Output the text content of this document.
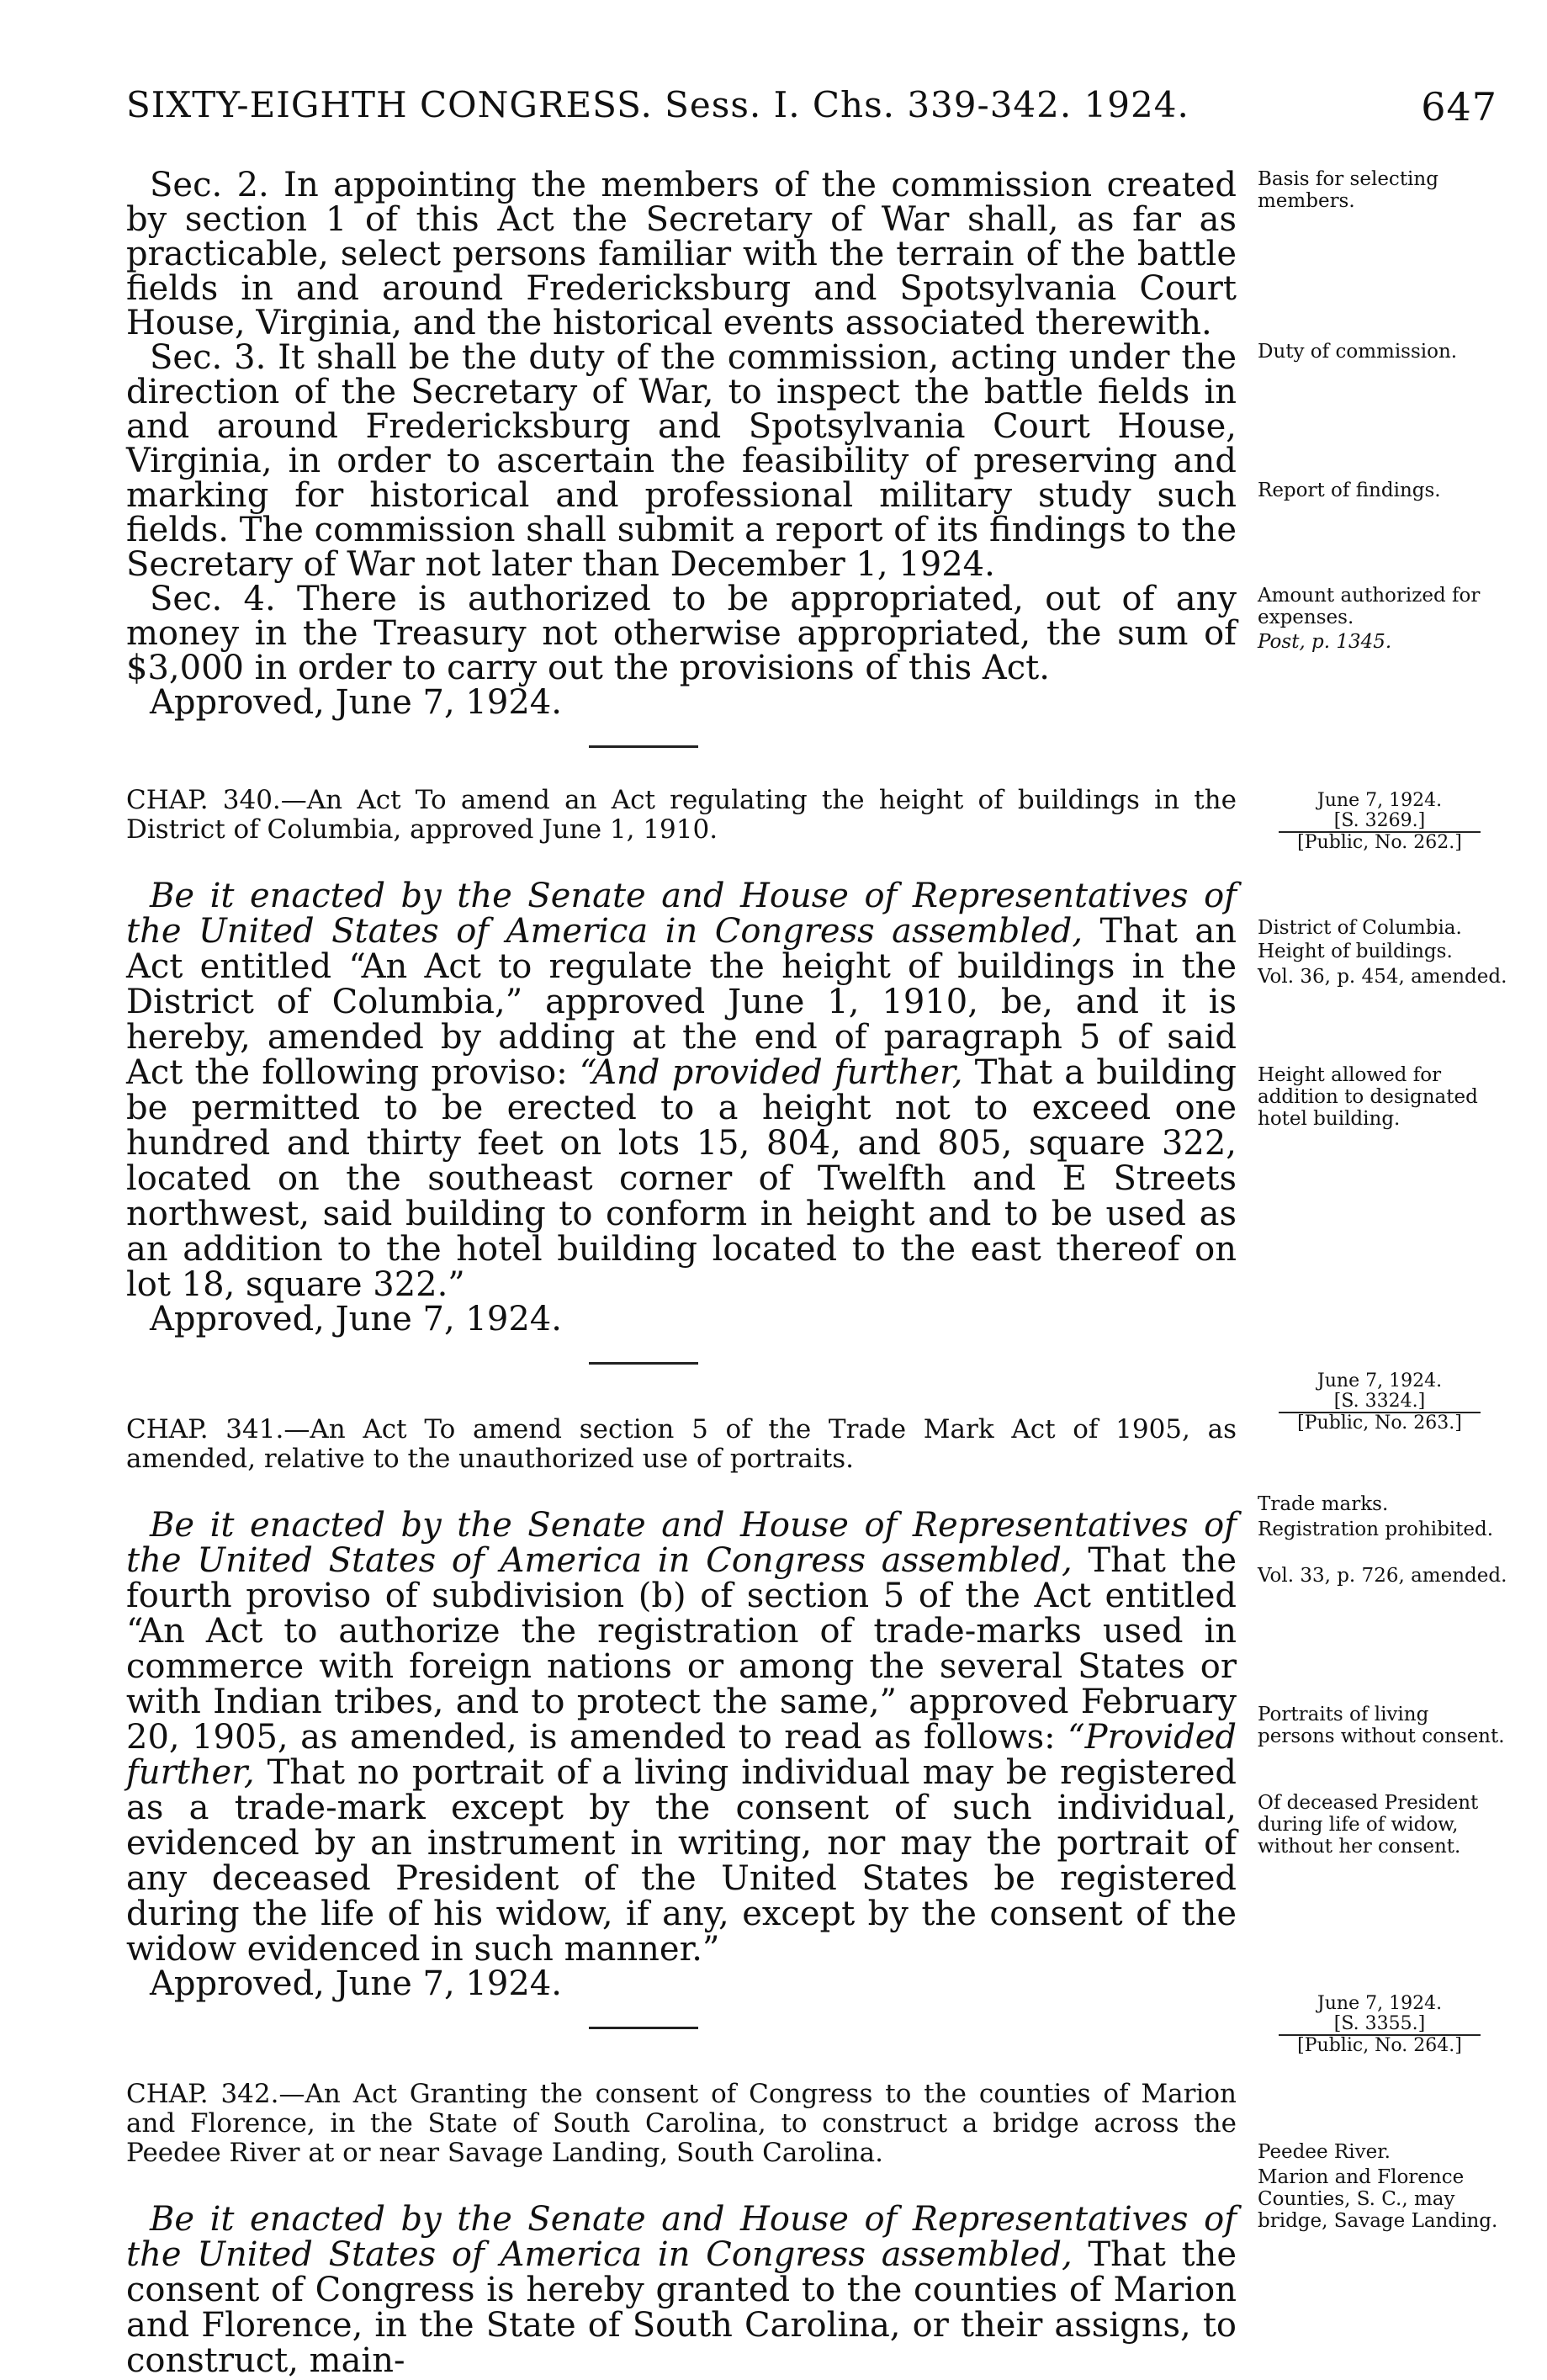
SIXTY-EIGHTH CONGRESS. Sess. I. Chs. 339-342. 1924.	647

Sec. 2. In appointing the members of the commission created by section 1 of this Act the Secretary of War shall, as far as practicable, select persons familiar with the terrain of the battle fields in and around Fredericksburg and Spotsylvania Court House, Virginia, and the historical events associated therewith.

Sec. 3. It shall be the duty of the commission, acting under the direction of the Secretary of War, to inspect the battle fields in and around Fredericksburg and Spotsylvania Court House, Virginia, in order to ascertain the feasibility of preserving and marking for historical and professional military study such fields. The commission shall submit a report of its findings to the Secretary of War not later than December 1, 1924.

Sec. 4. There is authorized to be appropriated, out of any money in the Treasury not otherwise appropriated, the sum of $3,000 in order to carry out the provisions of this Act.

Approved, June 7, 1924.

CHAP. 340.—An Act To amend an Act regulating the height of buildings in the District of Columbia, approved June 1, 1910.

Be it enacted by the Senate and House of Representatives of the United States of America in Congress assembled, That an Act entitled “An Act to regulate the height of buildings in the District of Columbia,” approved June 1, 1910, be, and it is hereby, amended by adding at the end of paragraph 5 of said Act the following proviso: “And provided further, That a building be permitted to be erected to a height not to exceed one hundred and thirty feet on lots 15, 804, and 805, square 322, located on the southeast corner of Twelfth and E Streets northwest, said building to conform in height and to be used as an addition to the hotel building located to the east thereof on lot 18, square 322.”

Approved, June 7, 1924.

CHAP. 341.—An Act To amend section 5 of the Trade Mark Act of 1905, as amended, relative to the unauthorized use of portraits.

Be it enacted by the Senate and House of Representatives of the United States of America in Congress assembled, That the fourth proviso of subdivision (b) of section 5 of the Act entitled “An Act to authorize the registration of trade-marks used in commerce with foreign nations or among the several States or with Indian tribes, and to protect the same,” approved February 20, 1905, as amended, is amended to read as follows: “Provided further, That no portrait of a living individual may be registered as a trade-mark except by the consent of such individual, evidenced by an instrument in writing, nor may the portrait of any deceased President of the United States be registered during the life of his widow, if any, except by the consent of the widow evidenced in such manner.”

Approved, June 7, 1924.

CHAP. 342.—An Act Granting the consent of Congress to the counties of Marion and Florence, in the State of South Carolina, to construct a bridge across the Peedee River at or near Savage Landing, South Carolina.

Be it enacted by the Senate and House of Representatives of the United States of America in Congress assembled, That the consent of Congress is hereby granted to the counties of Marion and Florence, in the State of South Carolina, or their assigns, to construct, main-

Basis for selecting members.
Duty of commission.
Report of findings.
Amount authorized for expenses.
Post, p. 1345.
June 7, 1924.

[S. 3269.]
[Public, No. 262.]
District of Columbia.
Height of buildings.
Vol. 36, p. 454, amended.
Height allowed for addition to designated hotel building.
June 7, 1924.

[S. 3324.]
[Public, No. 263.]
Trade marks.
Registration prohibited.
Vol. 33, p. 726, amended.
Portraits of living persons without consent.
Of deceased President during life of widow, without her consent.
June 7, 1924.

[S. 3355.]
[Public, No. 264.]
Peedee River.
Marion and Florence Counties, S. C., may bridge, Savage Landing.
